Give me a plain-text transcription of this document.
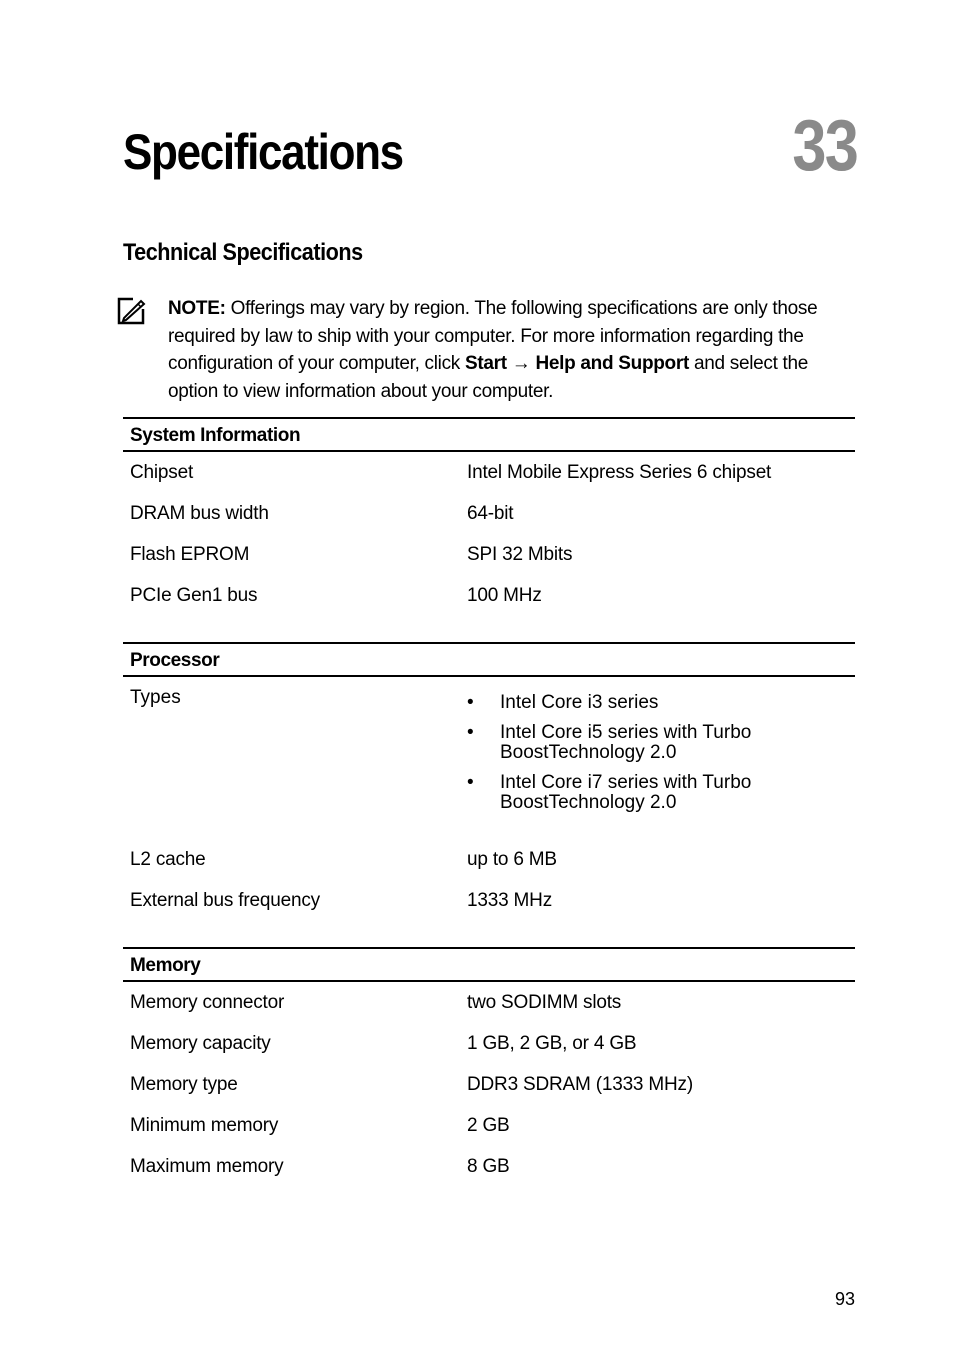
Specifications	33
Technical Specifications
NOTE: Offerings may vary by region. The following specifications are only those required by law to ship with your computer. For more information regarding the configuration of your computer, click Start → Help and Support and select the option to view information about your computer.
System Information
Chipset	Intel Mobile Express Series 6 chipset
DRAM bus width	64-bit
Flash EPROM	SPI 32 Mbits
PCIe Gen1 bus	100 MHz
Processor
Types
•	Intel Core i3 series
• Intel Core i5 series with Turbo BoostTechnology 2.0
• Intel Core i7 series with Turbo BoostTechnology 2.0
L2 cache	up to 6 MB
External bus frequency	1333 MHz
Memory
Memory connector	two SODIMM slots
Memory capacity	1 GB, 2 GB, or 4 GB
Memory type	DDR3 SDRAM (1333 MHz)
Minimum memory	2 GB
Maximum memory	8 GB
93
